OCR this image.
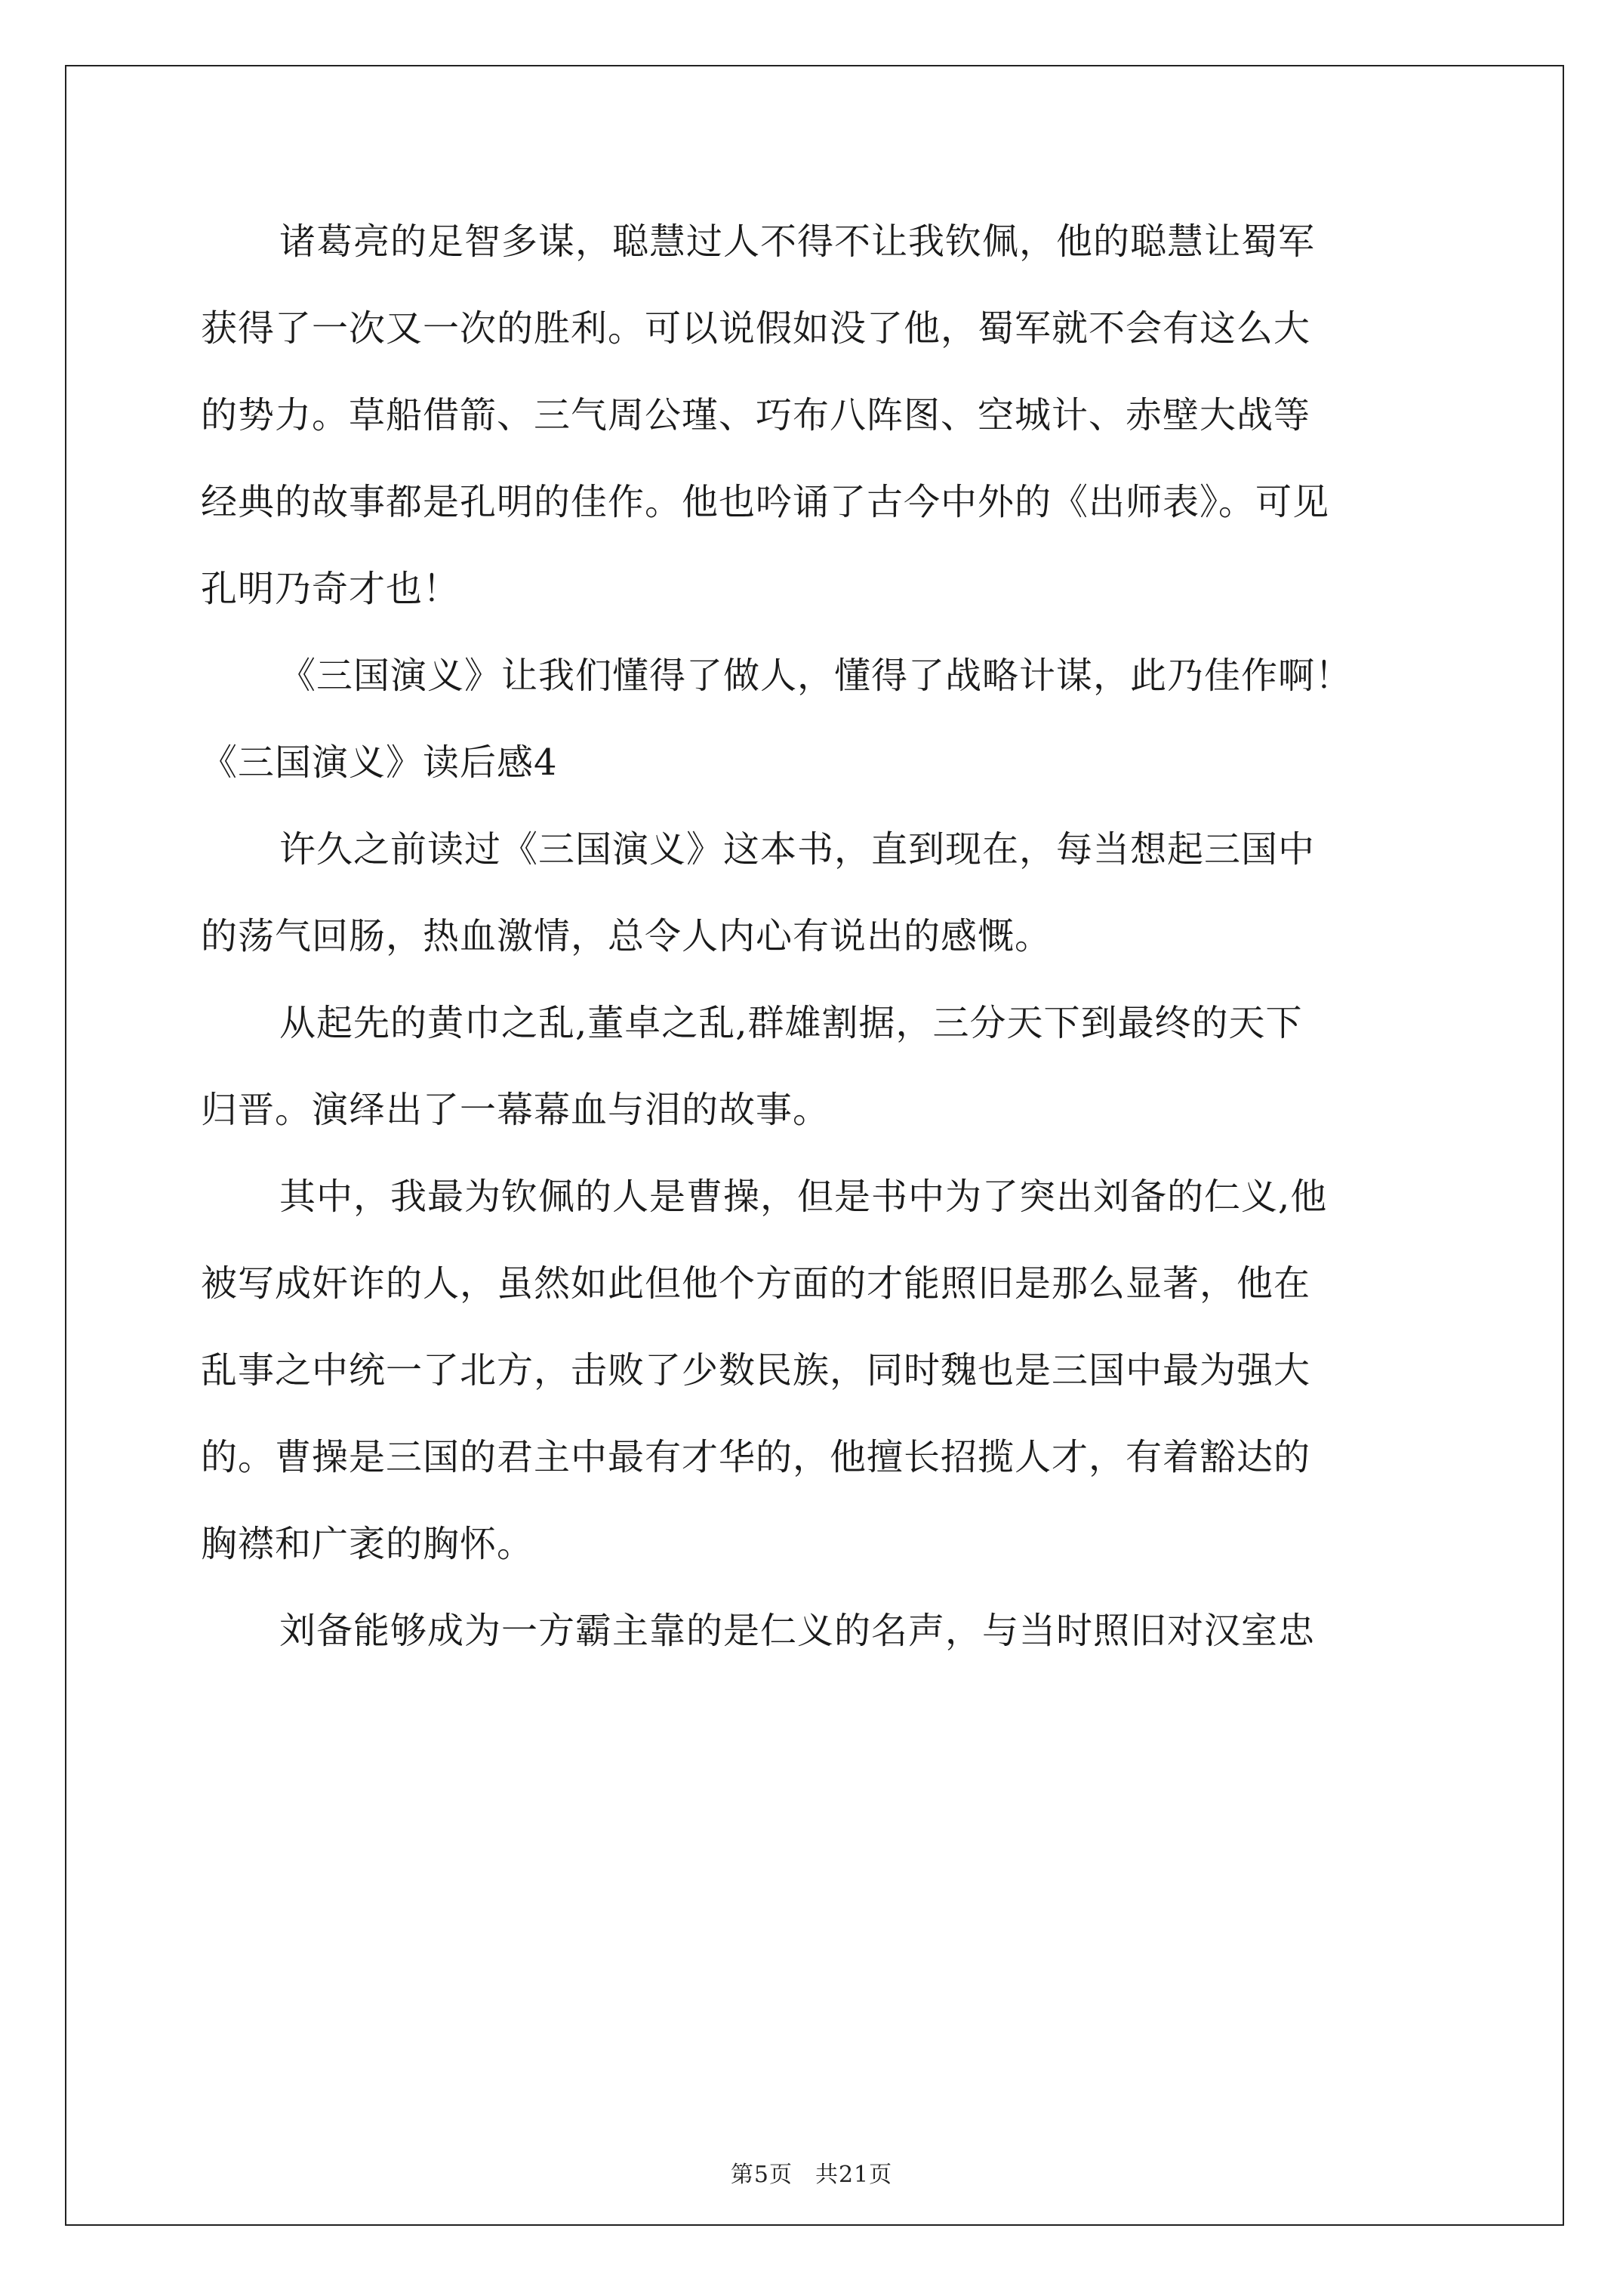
诸葛亮的足智多谋，聪慧过人不得不让我钦佩，他的聪慧让蜀军
获得了一次又一次的胜利。可以说假如没了他，蜀军就不会有这么大
的势力。草船借箭、三气周公瑾、巧布八阵图、空城计、赤壁大战等
经典的故事都是孔明的佳作。他也吟诵了古今中外的《出师表》。可见
孔明乃奇才也！
《三国演义》让我们懂得了做人，懂得了战略计谋，此乃佳作啊！
《三国演义》读后感4
许久之前读过《三国演义》这本书，直到现在，每当想起三国中
的荡气回肠，热血激情，总令人内心有说出的感慨。
从起先的黄巾之乱,董卓之乱,群雄割据，三分天下到最终的天下
归晋。演绎出了一幕幕血与泪的故事。
其中，我最为钦佩的人是曹操，但是书中为了突出刘备的仁义,他
被写成奸诈的人，虽然如此但他个方面的才能照旧是那么显著，他在
乱事之中统一了北方，击败了少数民族，同时魏也是三国中最为强大
的。曹操是三国的君主中最有才华的，他擅长招揽人才，有着豁达的
胸襟和广袤的胸怀。
刘备能够成为一方霸主靠的是仁义的名声，与当时照旧对汉室忠
第5页 共21页
